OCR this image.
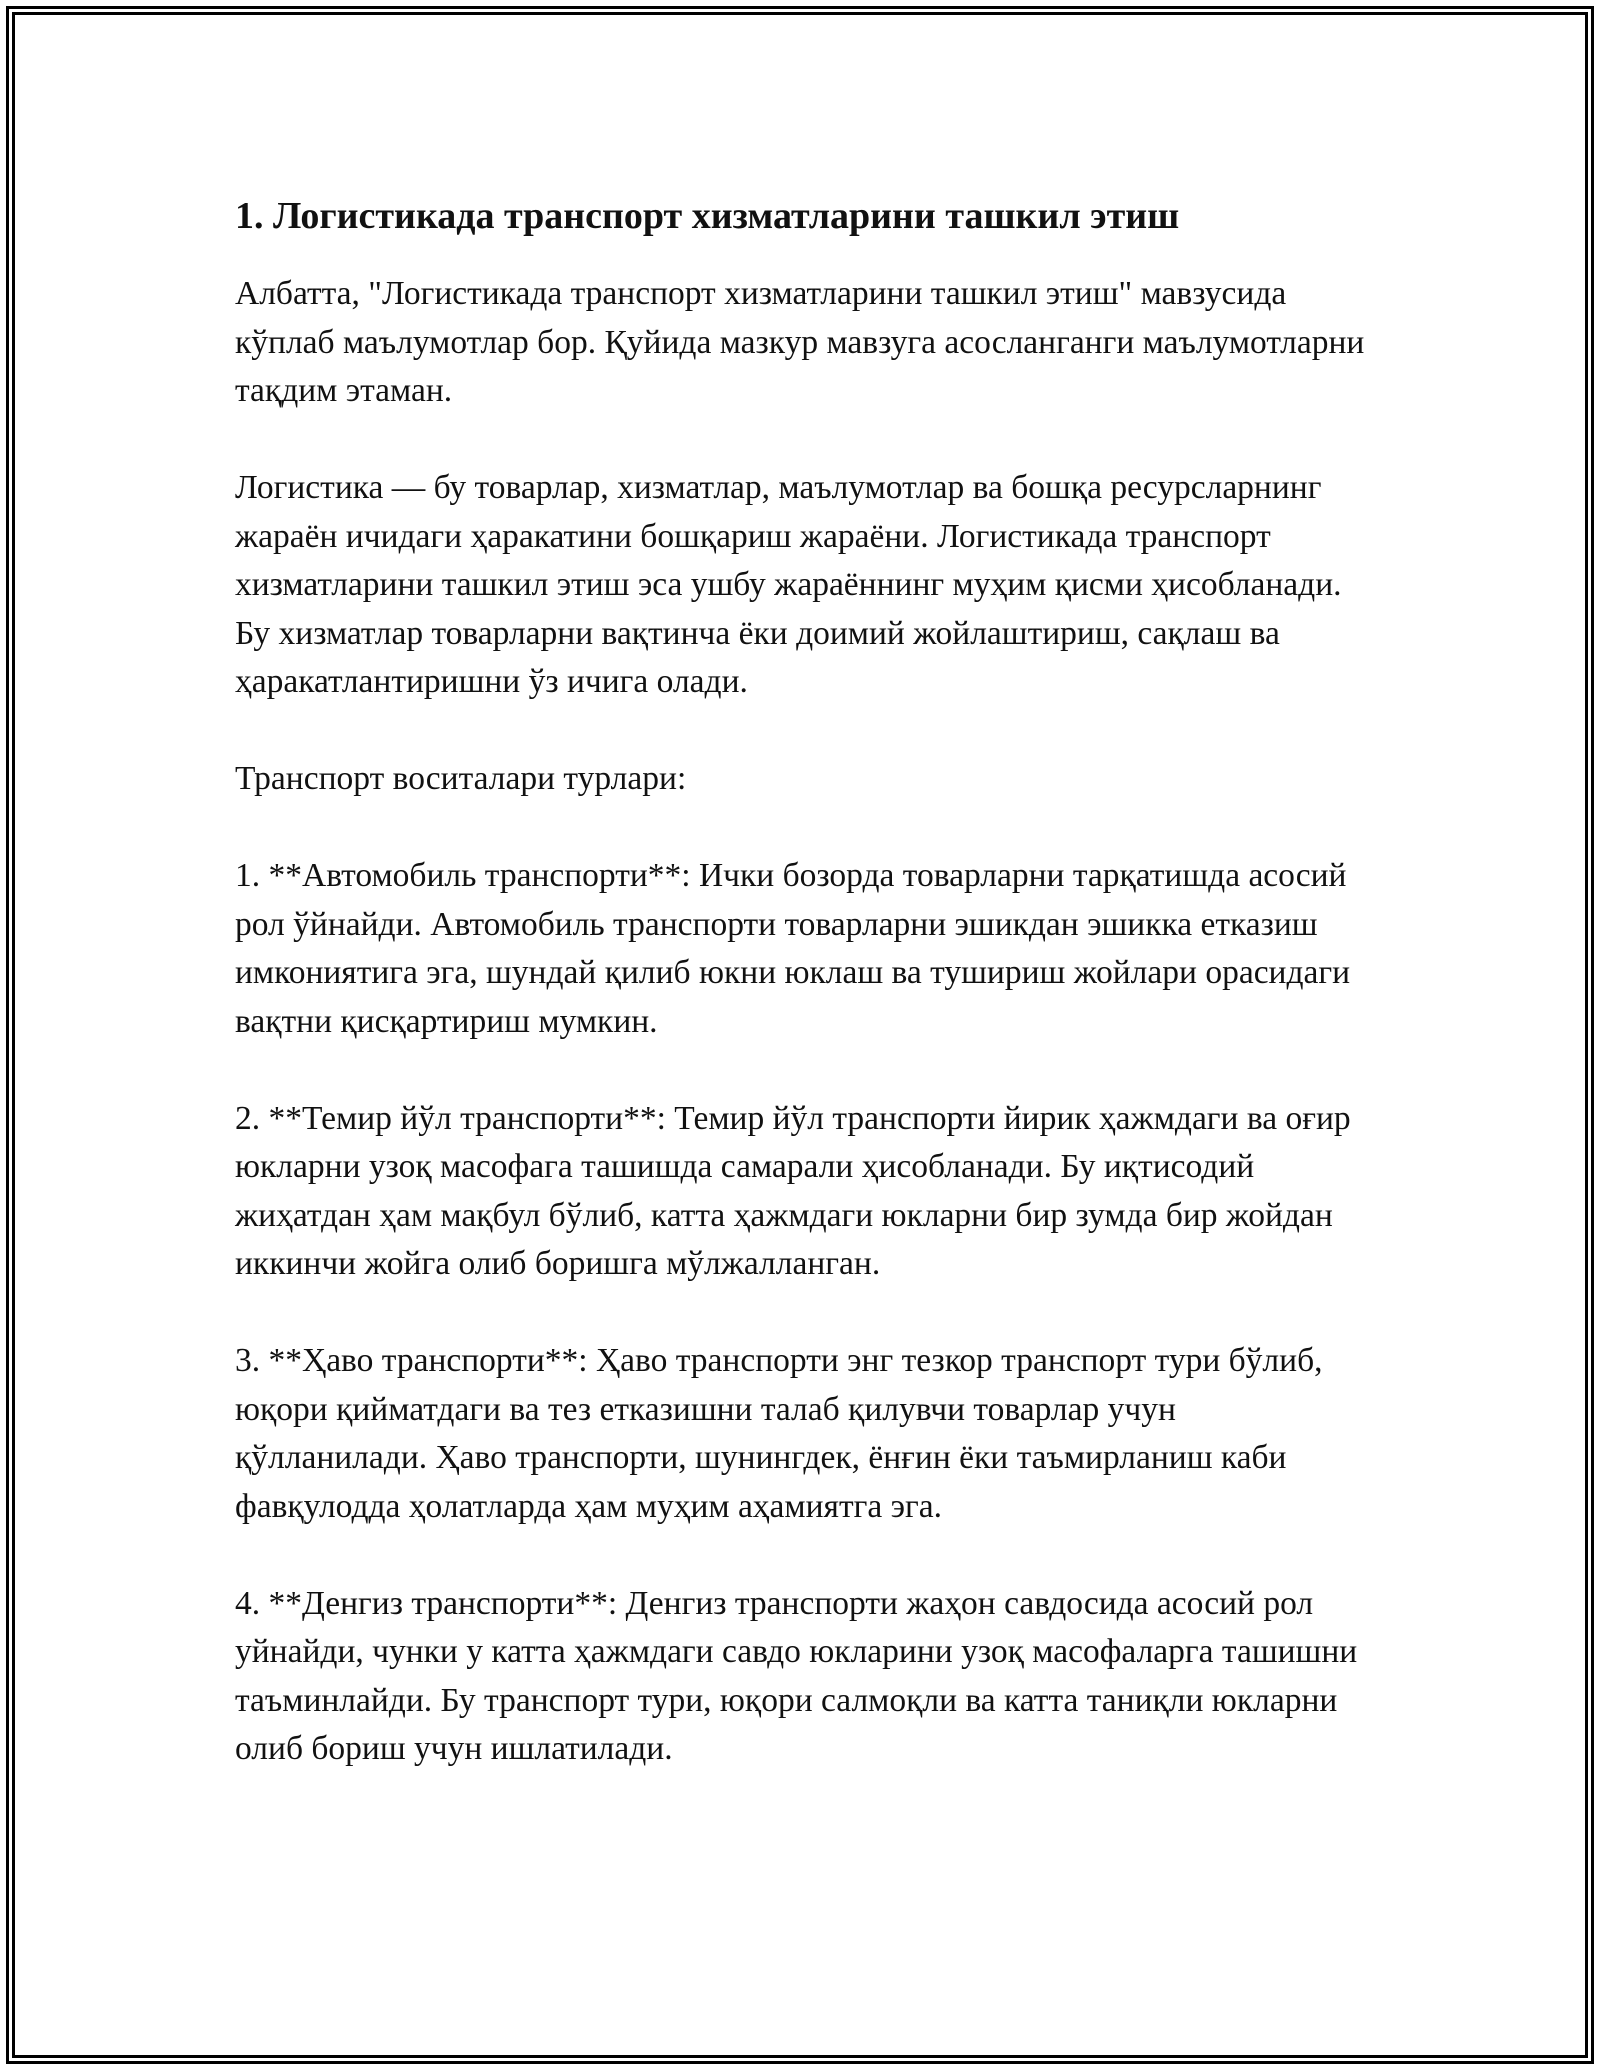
1. Логистикада транспорт хизматларини ташкил этиш

Албатта, "Логистикада транспорт хизматларини ташкил этиш" мавзусида кўплаб маълумотлар бор. Қуйида мазкур мавзуга асосланганги маълумотларни тақдим этаман.

Логистика — бу товарлар, хизматлар, маълумотлар ва бошқа ресурсларнинг жараён ичидаги ҳаракатини бошқариш жараёни. Логистикада транспорт хизматларини ташкил этиш эса ушбу жараённинг муҳим қисми ҳисобланади. Бу хизматлар товарларни вақтинча ёки доимий жойлаштириш, сақлаш ва ҳаракатлантиришни ўз ичига олади.

Транспорт воситалари турлари:

1. **Автомобиль транспорти**: Ички бозорда товарларни тарқатишда асосий рол ўйнайди. Автомобиль транспорти товарларни эшикдан эшикка етказиш имкониятига эга, шундай қилиб юкни юклаш ва тушириш жойлари орасидаги вақтни қисқартириш мумкин.

2. **Темир йўл транспорти**: Темир йўл транспорти йирик ҳажмдаги ва оғир юкларни узоқ масофага ташишда самарали ҳисобланади. Бу иқтисодий жиҳатдан ҳам мақбул бўлиб, катта ҳажмдаги юкларни бир зумда бир жойдан иккинчи жойга олиб боришга мўлжалланган.

3. **Ҳаво транспорти**: Ҳаво транспорти энг тезкор транспорт тури бўлиб, юқори қийматдаги ва тез етказишни талаб қилувчи товарлар учун қўлланилади. Ҳаво транспорти, шунингдек, ёнғин ёки таъмирланиш каби фавқулодда ҳолатларда ҳам муҳим аҳамиятга эга.

4. **Денгиз транспорти**: Денгиз транспорти жаҳон савдосида асосий рол уйнайди, чунки у катта ҳажмдаги савдо юкларини узоқ масофаларга ташишни таъминлайди. Бу транспорт тури, юқори салмоқли ва катта таниқли юкларни олиб бориш учун ишлатилади.
